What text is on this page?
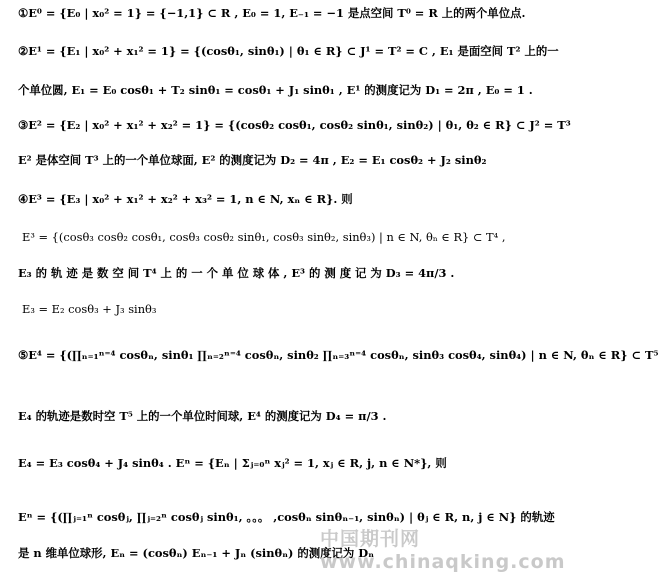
①E⁰ = {E₀ | x₀² = 1} = {−1,1} ⊂ R , E₀ = 1, E₋₁ = −1 是点空间 T⁰ = R 上的两个单位点.
②E¹ = {E₁ | x₀² + x₁² = 1} = {(cosθ₁, sinθ₁) | θ₁ ∈ R} ⊂ J¹ = T² = C , E₁ 是面空间 T² 上的一
个单位圆, E₁ = E₀ cosθ₁ + T₂ sinθ₁ = cosθ₁ + J₁ sinθ₁ , E¹ 的测度记为 D₁ = 2π , E₀ = 1 .
③E² = {E₂ | x₀² + x₁² + x₂² = 1} = {(cosθ₂ cosθ₁, cosθ₂ sinθ₁, sinθ₂) | θ₁, θ₂ ∈ R} ⊂ J² = T³
E² 是体空间 T³ 上的一个单位球面, E² 的测度记为 D₂ = 4π , E₂ = E₁ cosθ₂ + J₂ sinθ₂
④E³ = {E₃ | x₀² + x₁² + x₂² + x₃² = 1, n ∈ N, xₙ ∈ R}. 则
E³ = {(cosθ₃ cosθ₂ cosθ₁, cosθ₃ cosθ₂ sinθ₁, cosθ₃ sinθ₂, sinθ₃) | n ∈ N, θₙ ∈ R} ⊂ T⁴ ,
E₃ 的 轨 迹 是 数 空 间 T⁴ 上 的 一 个 单 位 球 体 , E³ 的 测 度 记 为 D₃ = 4π/3 .
E₃ = E₂ cosθ₃ + J₃ sinθ₃
⑤E⁴ = {(∏ₙ₌₁ⁿ⁼⁴ cosθₙ, sinθ₁ ∏ₙ₌₂ⁿ⁼⁴ cosθₙ, sinθ₂ ∏ₙ₌₃ⁿ⁼⁴ cosθₙ, sinθ₃ cosθ₄, sinθ₄) | n ∈ N, θₙ ∈ R} ⊂ T⁵
E₄ 的轨迹是数时空 T⁵ 上的一个单位时间球, E⁴ 的测度记为 D₄ = π/3 .
E₄ = E₃ cosθ₄ + J₄ sinθ₄ . Eⁿ = {Eₙ | Σⱼ₌₀ⁿ xⱼ² = 1, xⱼ ∈ R, j, n ∈ N*}, 则
Eⁿ = {(∏ⱼ₌₁ⁿ cosθⱼ, ∏ⱼ₌₂ⁿ cosθⱼ sinθ₁, 。。。 ,cosθₙ sinθₙ₋₁, sinθₙ) | θⱼ ∈ R, n, j ∈ N} 的轨迹
是 n 维单位球形, Eₙ = (cosθₙ) Eₙ₋₁ + Jₙ (sinθₙ) 的测度记为 Dₙ
中国期刊网 www.chinaqking.com
